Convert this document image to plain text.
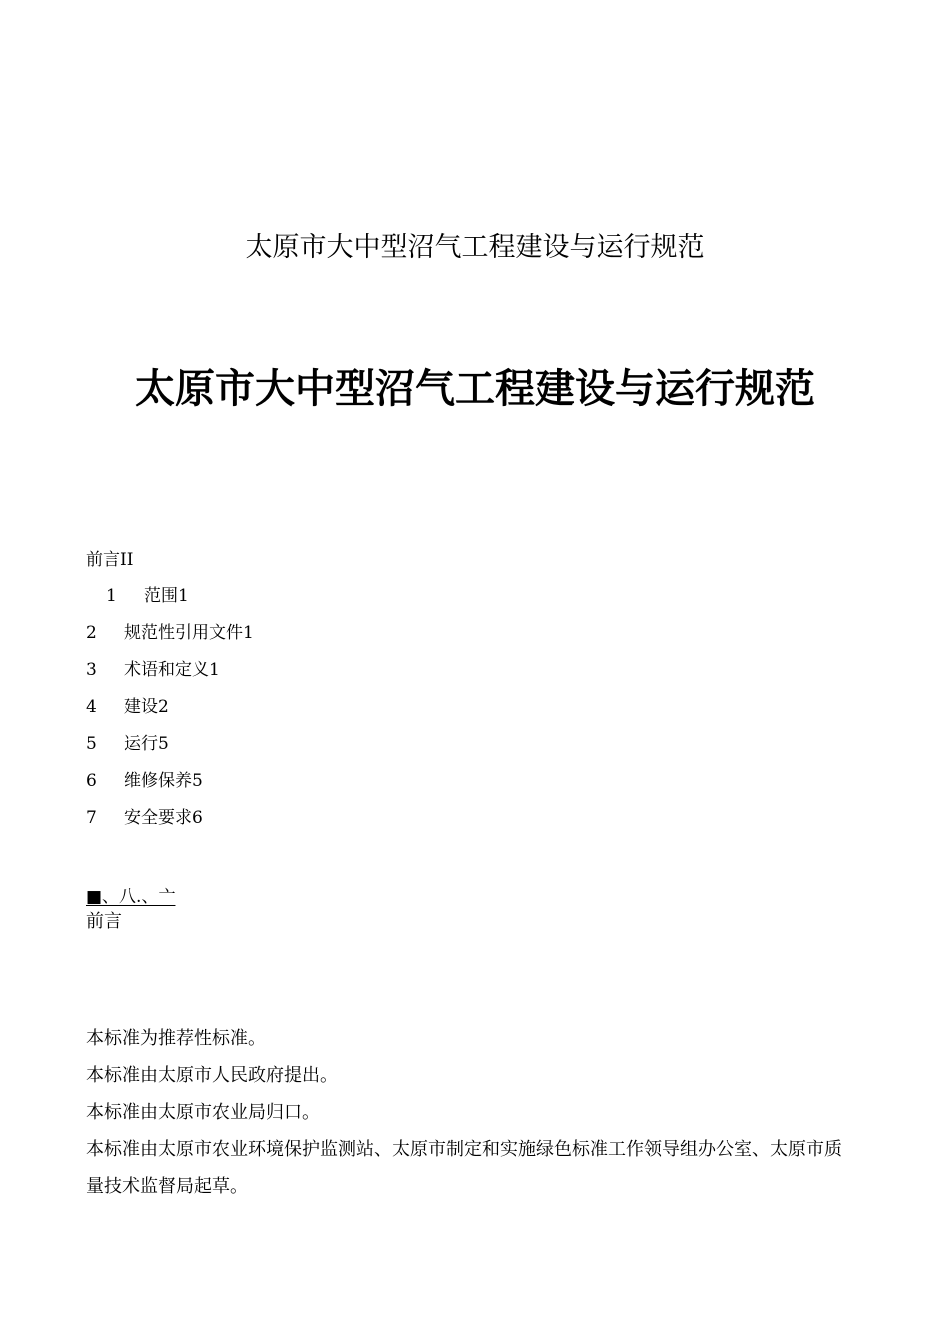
太原市大中型沼气工程建设与运行规范
太原市大中型沼气工程建设与运行规范
前言II
1 范围1
2 规范性引用文件1
3 术语和定义1
4 建设2
5 运行5
6 维修保养5
7 安全要求6
■、八.、亠
前言

本标准为推荐性标准。

本标准由太原市人民政府提出。

本标准由太原市农业局归口。

本标准由太原市农业环境保护监测站、太原市制定和实施绿色标准工作领导组办公室、太原市质量技术监督局起草。
